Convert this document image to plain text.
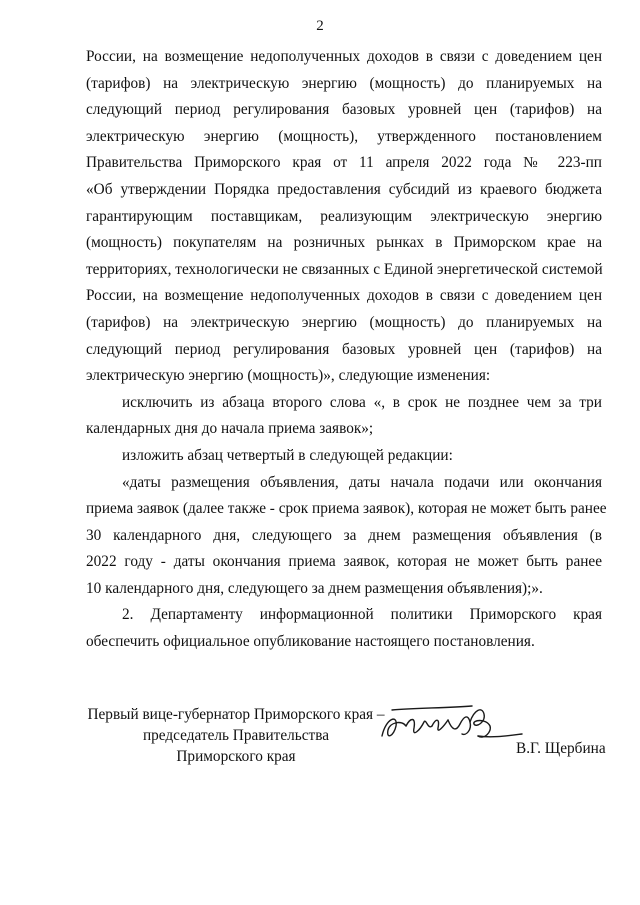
2
России, на возмещение недополученных доходов в связи с доведением цен
(тарифов) на электрическую энергию (мощность) до планируемых на
следующий период регулирования базовых уровней цен (тарифов) на
электрическую энергию (мощность), утвержденного постановлением
Правительства Приморского края от 11 апреля 2022 года № 223-пп
«Об утверждении Порядка предоставления субсидий из краевого бюджета
гарантирующим поставщикам, реализующим электрическую энергию
(мощность) покупателям на розничных рынках в Приморском крае на
территориях, технологически не связанных с Единой энергетической системой
России, на возмещение недополученных доходов в связи с доведением цен
(тарифов) на электрическую энергию (мощность) до планируемых на
следующий период регулирования базовых уровней цен (тарифов) на
электрическую энергию (мощность)», следующие изменения:
исключить из абзаца второго слова «, в срок не позднее чем за три
календарных дня до начала приема заявок»;
изложить абзац четвертый в следующей редакции:
«даты размещения объявления, даты начала подачи или окончания
приема заявок (далее также - срок приема заявок), которая не может быть ранее
30 календарного дня, следующего за днем размещения объявления (в
2022 году - даты окончания приема заявок, которая не может быть ранее
10 календарного дня, следующего за днем размещения объявления);».
2. Департаменту информационной политики Приморского края
обеспечить официальное опубликование настоящего постановления.
Первый вице-губернатор Приморского края –
председатель Правительства
Приморского края	В.Г. Щербина
